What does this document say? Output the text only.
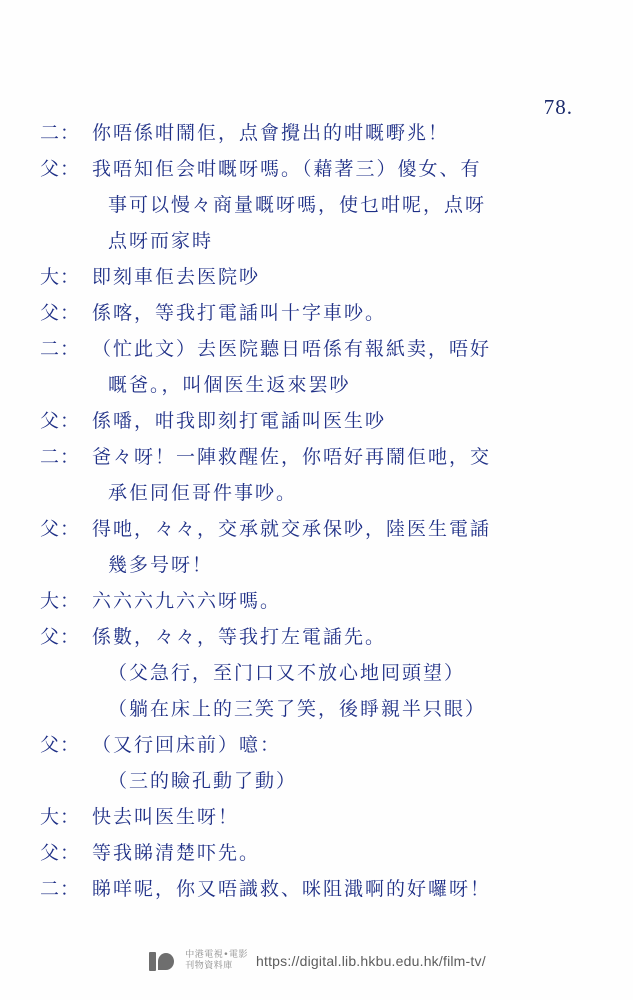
78.
二： 你唔係咁鬧佢，点會攪出的咁嘅嘢兆！
父： 我唔知佢会咁嘅呀嗎。（藉著三）傻女、有
事可以慢々商量嘅呀嗎，使乜咁呢，点呀
点呀而家時
大： 即刻車佢去医院吵
父： 係喀，等我打電䛽叫十字車吵。
二： （忙此文）去医院聽日唔係有報紙卖，唔好
嘅爸。，叫個医生返來罢吵
父： 係噃，咁我即刻打電䛽叫医生吵
二： 爸々呀！一陣救醒佐，你唔好再鬧佢吔，交
承佢同佢哥件事吵。
父： 得吔，々々，交承就交承保吵，陸医生電䛽
幾多号呀！
大： 六六六九六六呀嗎。
父： 係數，々々，等我打左電䛽先。
（父急行，至门口又不放心地囘頭望）
（躺在床上的三笑了笑，後睜親半只眼）
父： （又行回床前）噫：
（三的瞼孔動了動）
大： 快去叫医生呀！
父： 等我睇清楚吓先。
二： 睇咩呢，你又唔識救、咪阻濈啊的好囉呀！
中港電視•電影
刊物資料庫	https://digital.lib.hkbu.edu.hk/film-tv/
